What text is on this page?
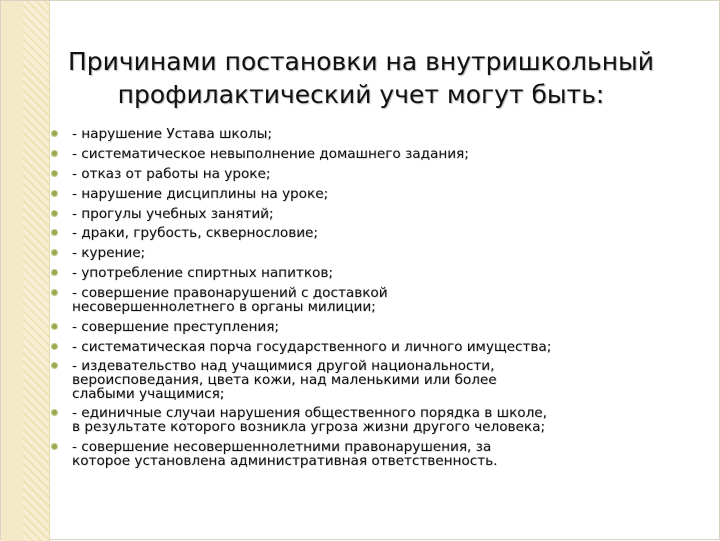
Причинами постановки на внутришкольный профилактический учет могут быть:
- нарушение Устава школы;
- систематическое невыполнение домашнего задания;
- отказ от работы на уроке;
- нарушение дисциплины на уроке;
- прогулы учебных занятий;
- драки, грубость, сквернословие;
- курение;
- употребление спиртных напитков;
- совершение правонарушений с доставкой
несовершеннолетнего в органы милиции;
- совершение преступления;
- систематическая порча государственного и личного имущества;
- издевательство над учащимися другой национальности,
вероисповедания, цвета кожи, над маленькими или более
слабыми учащимися;
- единичные случаи нарушения общественного порядка в школе,
в результате которого возникла угроза жизни другого человека;
- совершение несовершеннолетними правонарушения, за
которое установлена административная ответственность.
